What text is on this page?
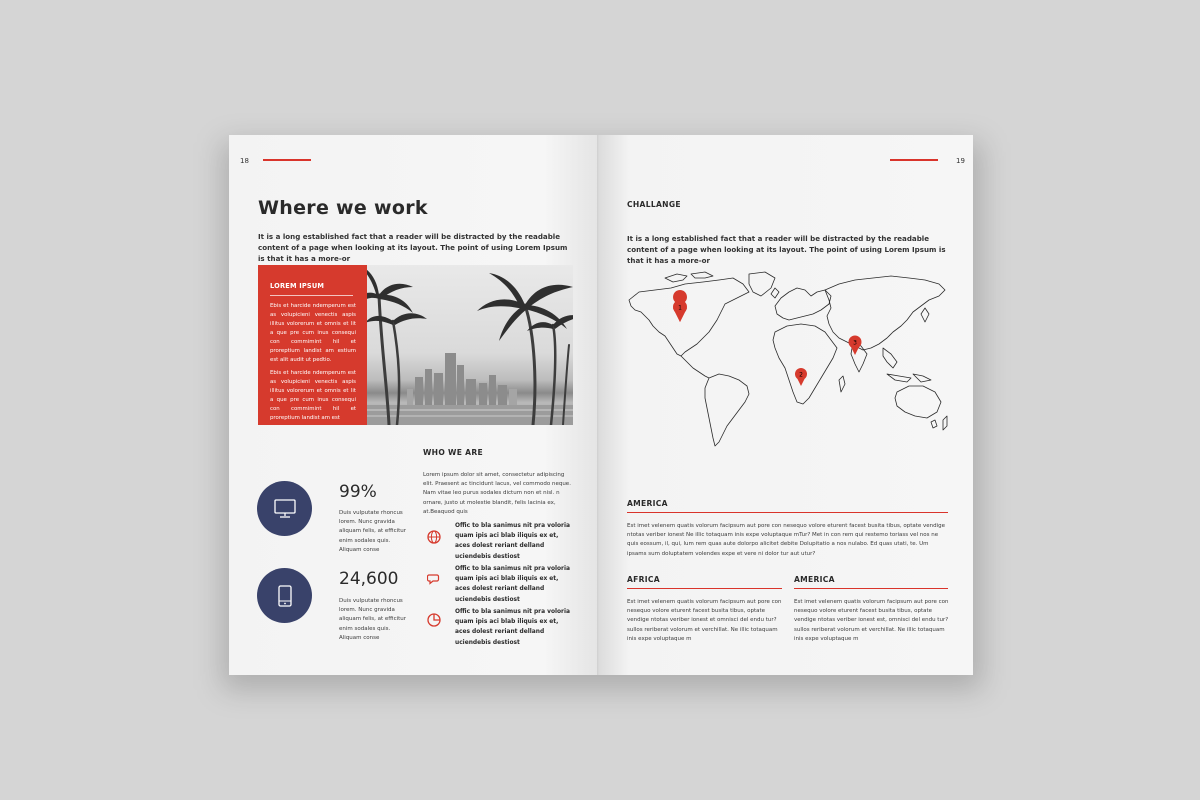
18
Where we work
It is a long established fact that a reader will be distracted by the readable content of a page when looking at its layout. The point of using Lorem Ipsum is that it has a more-or
LOREM IPSUM
Ebis et harcide ndemperum est as volupicieni venectis aspis illitus volorerum et omnis et lit a que pre cum inus consequi con commimint hil et proreptium landist am estium est alit audit ut pedtio.
Ebis et harcide ndemperum est as volupicieni venectis aspis illitus volorerum et omnis et lit a que pre cum inus consequi con commimint hil et proreptium landist am est
WHO WE ARE
Lorem ipsum dolor sit amet, consectetur adipiscing elit. Praesent ac tincidunt lacus, vel commodo neque. Nam vitae leo purus sodales dictum non et nisl. n ornare, justo ut molestie blandit, felis lacinia ex, at.Beaquod quis
99%
Duis vulputate rhoncus lorem. Nunc gravida aliquam felis, at efficitur enim sodales quis. Aliquam conse
24,600
Duis vulputate rhoncus lorem. Nunc gravida aliquam felis, at efficitur enim sodales quis. Aliquam conse
Offic to bla sanimus nit pra voloria quam ipis aci blab iliquis ex et, aces dolest reriant delland uciendebis destiost
Offic to bla sanimus nit pra voloria quam ipis aci blab iliquis ex et, aces dolest reriant delland uciendebis destiost
Offic to bla sanimus nit pra voloria quam ipis aci blab iliquis ex et, aces dolest reriant delland uciendebis destiost
19
CHALLANGE
It is a long established fact that a reader will be distracted by the readable content of a page when looking at its layout. The point of using Lorem Ipsum is that it has a more-or
1
2
3
AMERICA
Est imet velenem quatis volorum facipsum aut pore con nesequo volore eturent facest busita tibus, optate vendige ntotas veriber ionest Ne illic totaquam inis expe voluptaque mTur? Met in con rem qui restemo toriass vel nos ne quis eossum, il, qui, lum rem quas aute dolorpo alicitet debite Dolupitatio a nos nulabo. Ed quas utati, te. Um ipsams sum doluptatem volendes expe et vere ni dolor tur aut utur?
AFRICA
Est imet velenem quatis volorum facipsum aut pore con nesequo volore eturent facest busita tibus, optate vendige ntotas veriber ionest et omnisci del endu tur? sullos reriberat volorum et verchillat. Ne illic totaquam inis expe voluptaque m
AMERICA
Est imet velenem quatis volorum facipsum aut pore con nesequo volore eturent facest busita tibus, optate vendige ntotas veriber ionest est, omnisci del endu tur? sullos reriberat volorum et verchillat. Ne illic totaquam inis expe voluptaque m
